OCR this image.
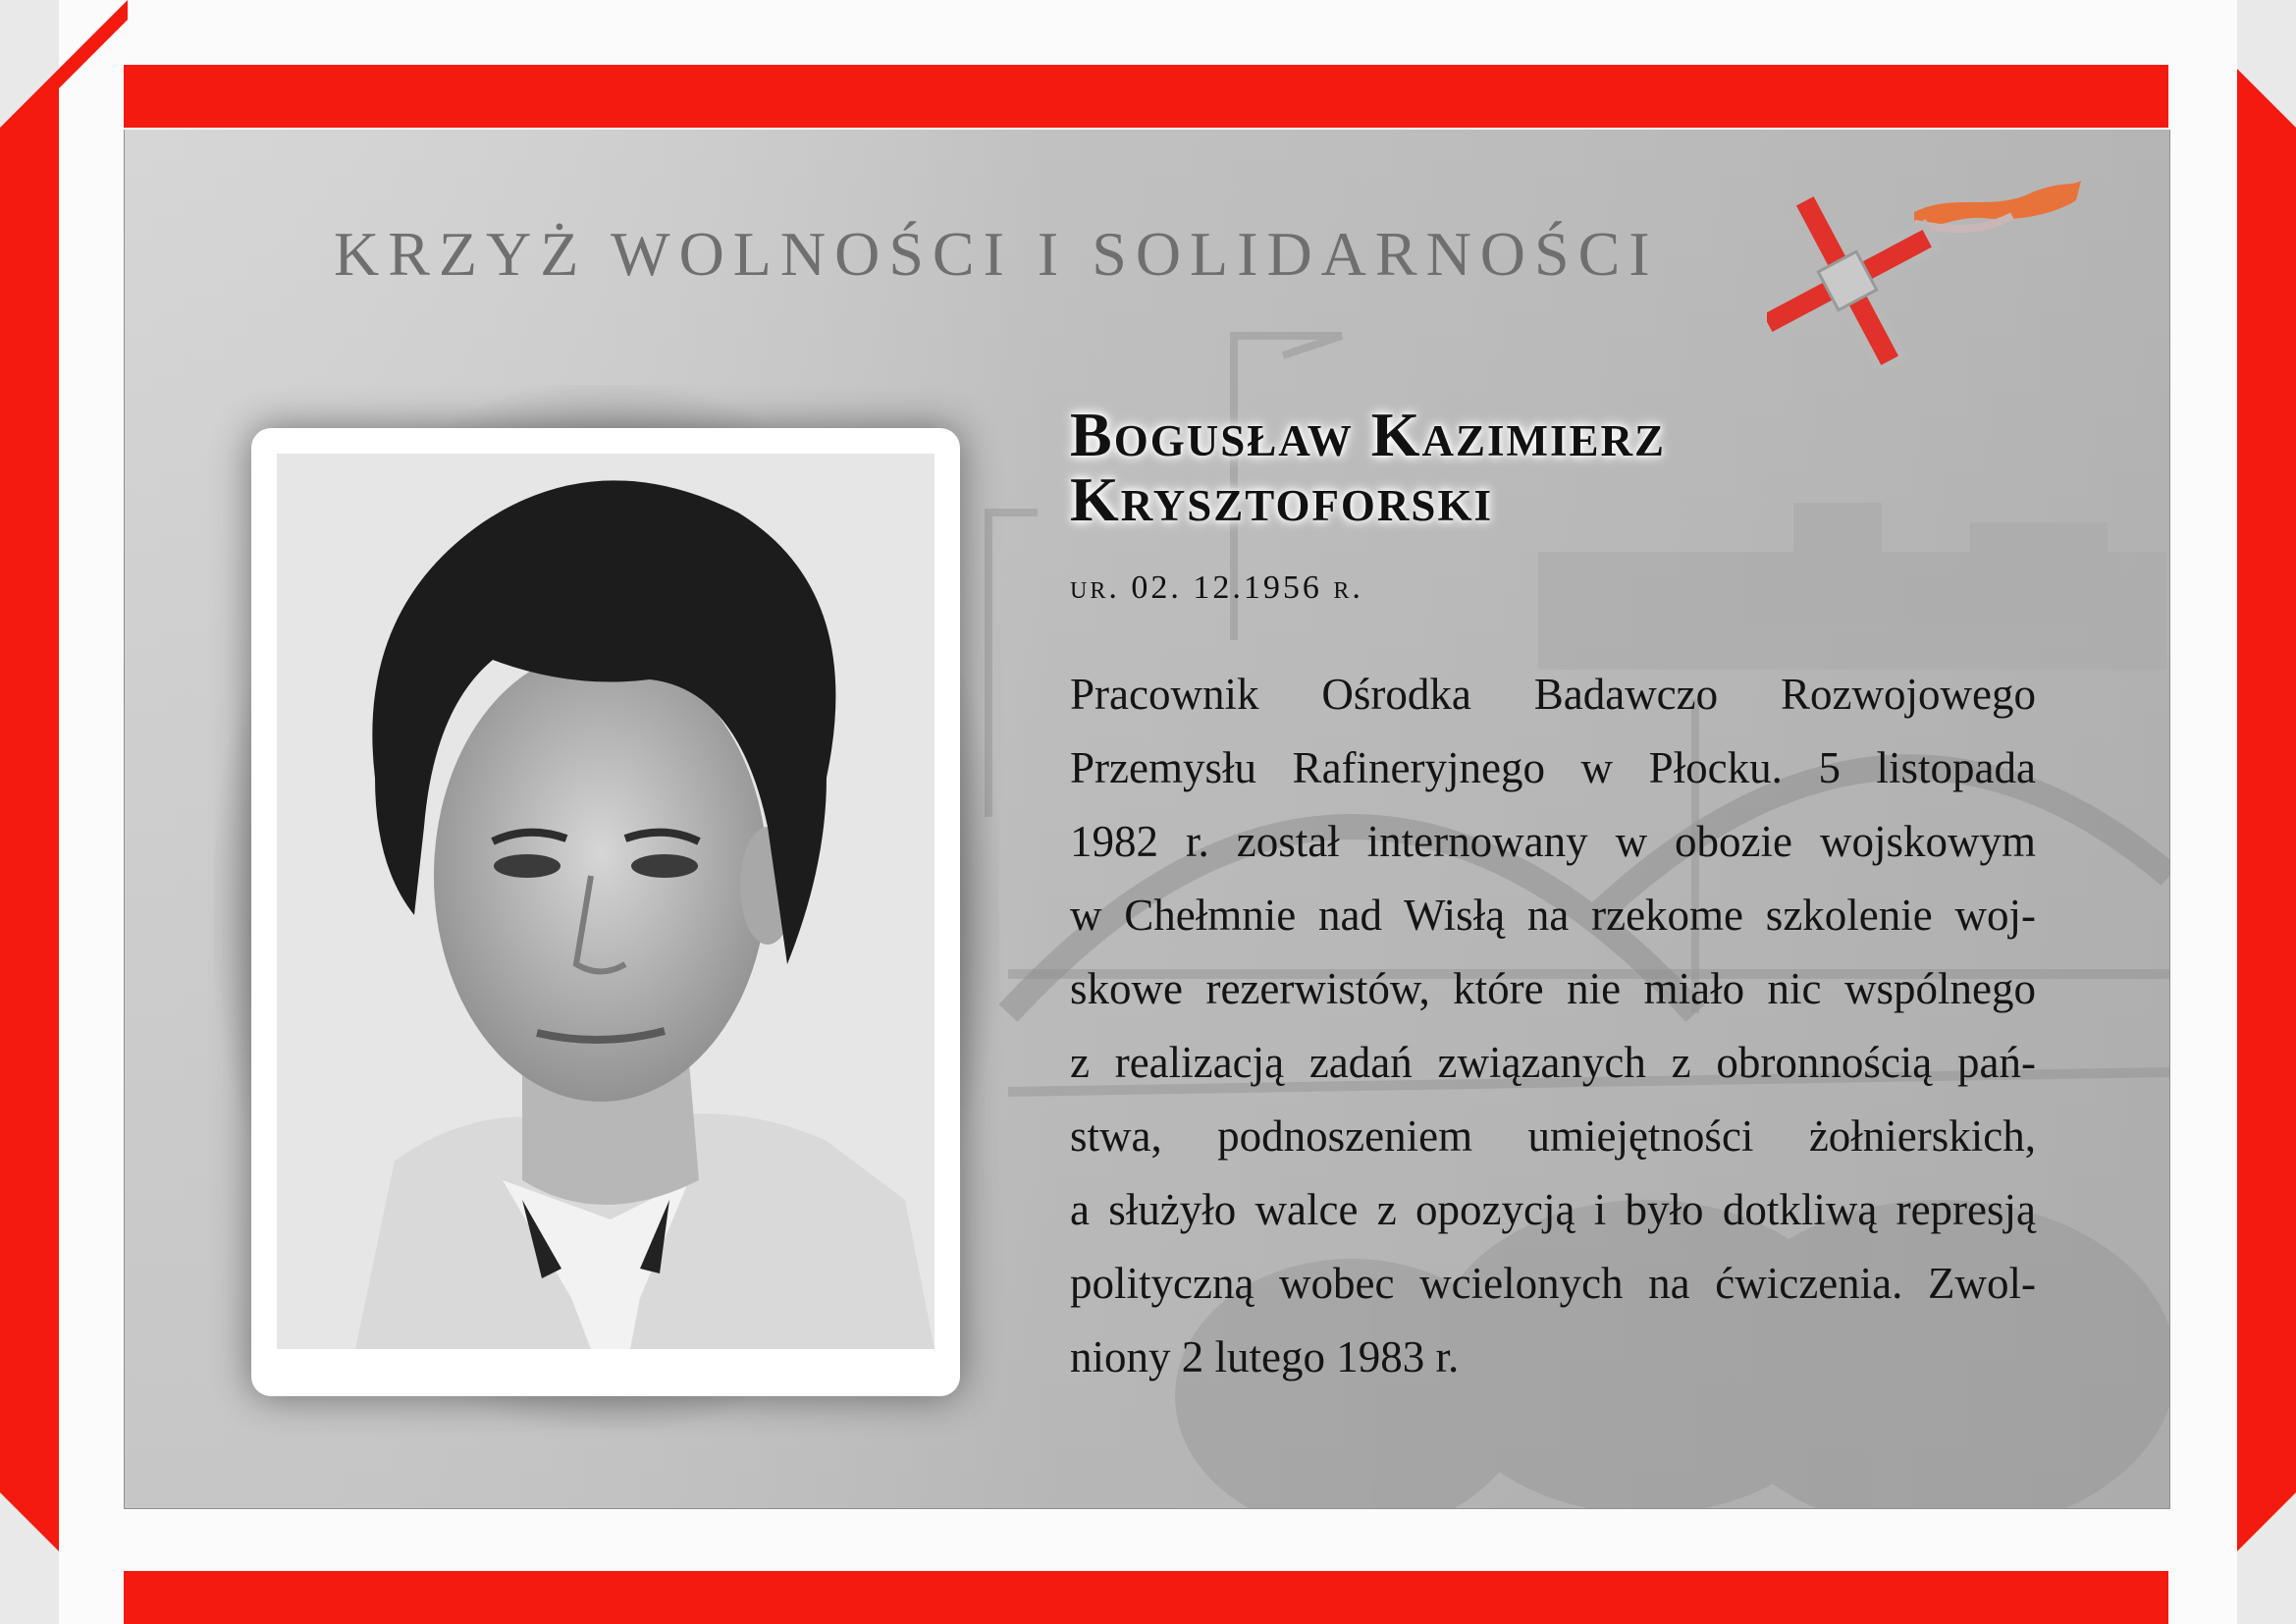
KRZYŻ WOLNOŚCI I SOLIDARNOŚCI
Bogusław Kazimierz
Krysztoforski
ur. 02. 12.1956 r.
Pracownik Ośrodka Badawczo Rozwojowego
Przemysłu Rafineryjnego w Płocku. 5 listopada
1982 r. został internowany w obozie wojskowym
w Chełmnie nad Wisłą na rzekome szkolenie woj-
skowe rezerwistów, które nie miało nic wspólnego
z realizacją zadań związanych z obronnością pań-
stwa, podnoszeniem umiejętności żołnierskich,
a służyło walce z opozycją i było dotkliwą represją
polityczną wobec wcielonych na ćwiczenia. Zwol-
niony 2 lutego 1983 r.
